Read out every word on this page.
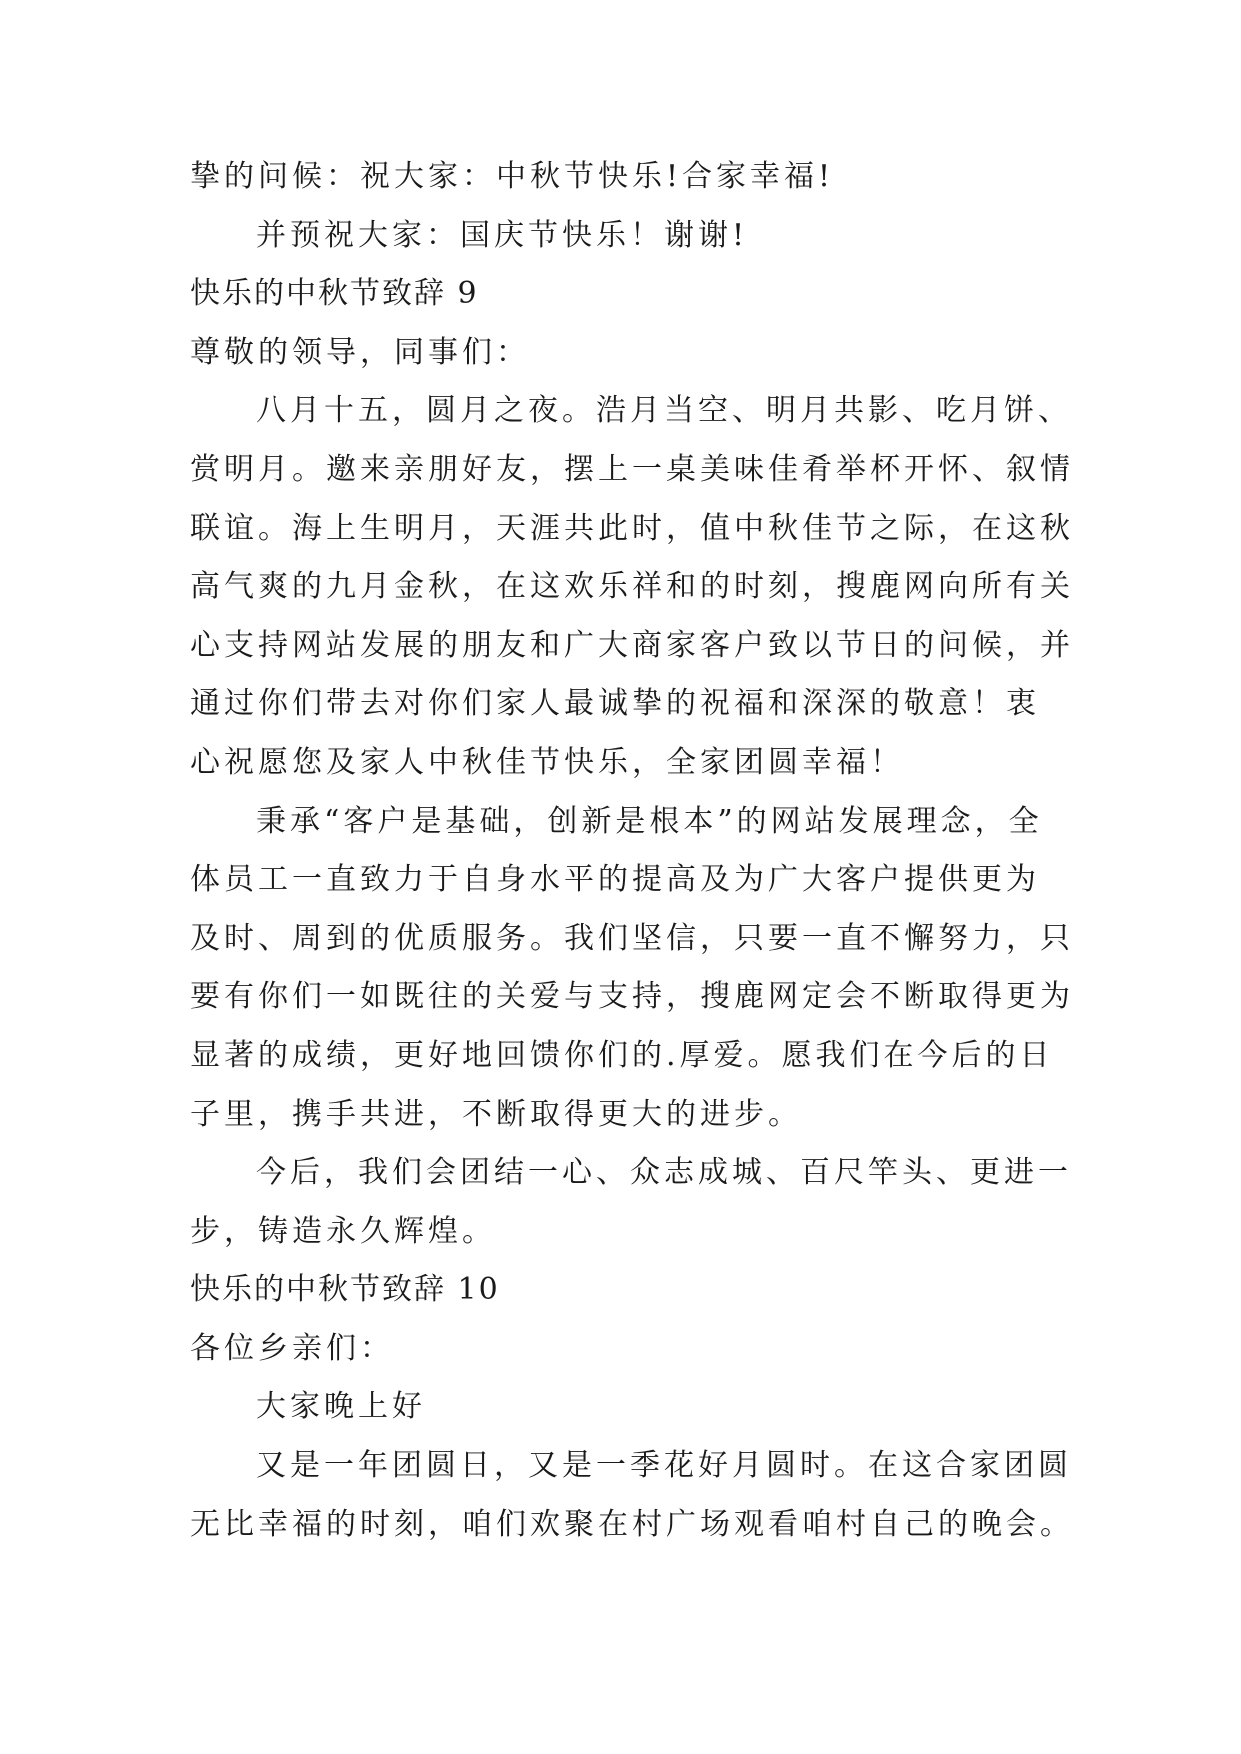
挚的问候：祝大家：中秋节快乐!合家幸福!
并预祝大家：国庆节快乐！谢谢!
快乐的中秋节致辞 9
尊敬的领导，同事们：
八月十五，圆月之夜。浩月当空、明月共影、吃月饼、
赏明月。邀来亲朋好友，摆上一桌美味佳肴举杯开怀、叙情
联谊。海上生明月，天涯共此时，值中秋佳节之际，在这秋
高气爽的九月金秋，在这欢乐祥和的时刻，搜鹿网向所有关
心支持网站发展的朋友和广大商家客户致以节日的问候，并
通过你们带去对你们家人最诚挚的祝福和深深的敬意！衷
心祝愿您及家人中秋佳节快乐，全家团圆幸福！
秉承“客户是基础，创新是根本”的网站发展理念，全
体员工一直致力于自身水平的提高及为广大客户提供更为
及时、周到的优质服务。我们坚信，只要一直不懈努力，只
要有你们一如既往的关爱与支持，搜鹿网定会不断取得更为
显著的成绩，更好地回馈你们的.厚爱。愿我们在今后的日
子里，携手共进，不断取得更大的进步。
今后，我们会团结一心、众志成城、百尺竿头、更进一
步，铸造永久辉煌。
快乐的中秋节致辞 10
各位乡亲们：
大家晚上好
又是一年团圆日，又是一季花好月圆时。在这合家团圆
无比幸福的时刻，咱们欢聚在村广场观看咱村自己的晚会。
